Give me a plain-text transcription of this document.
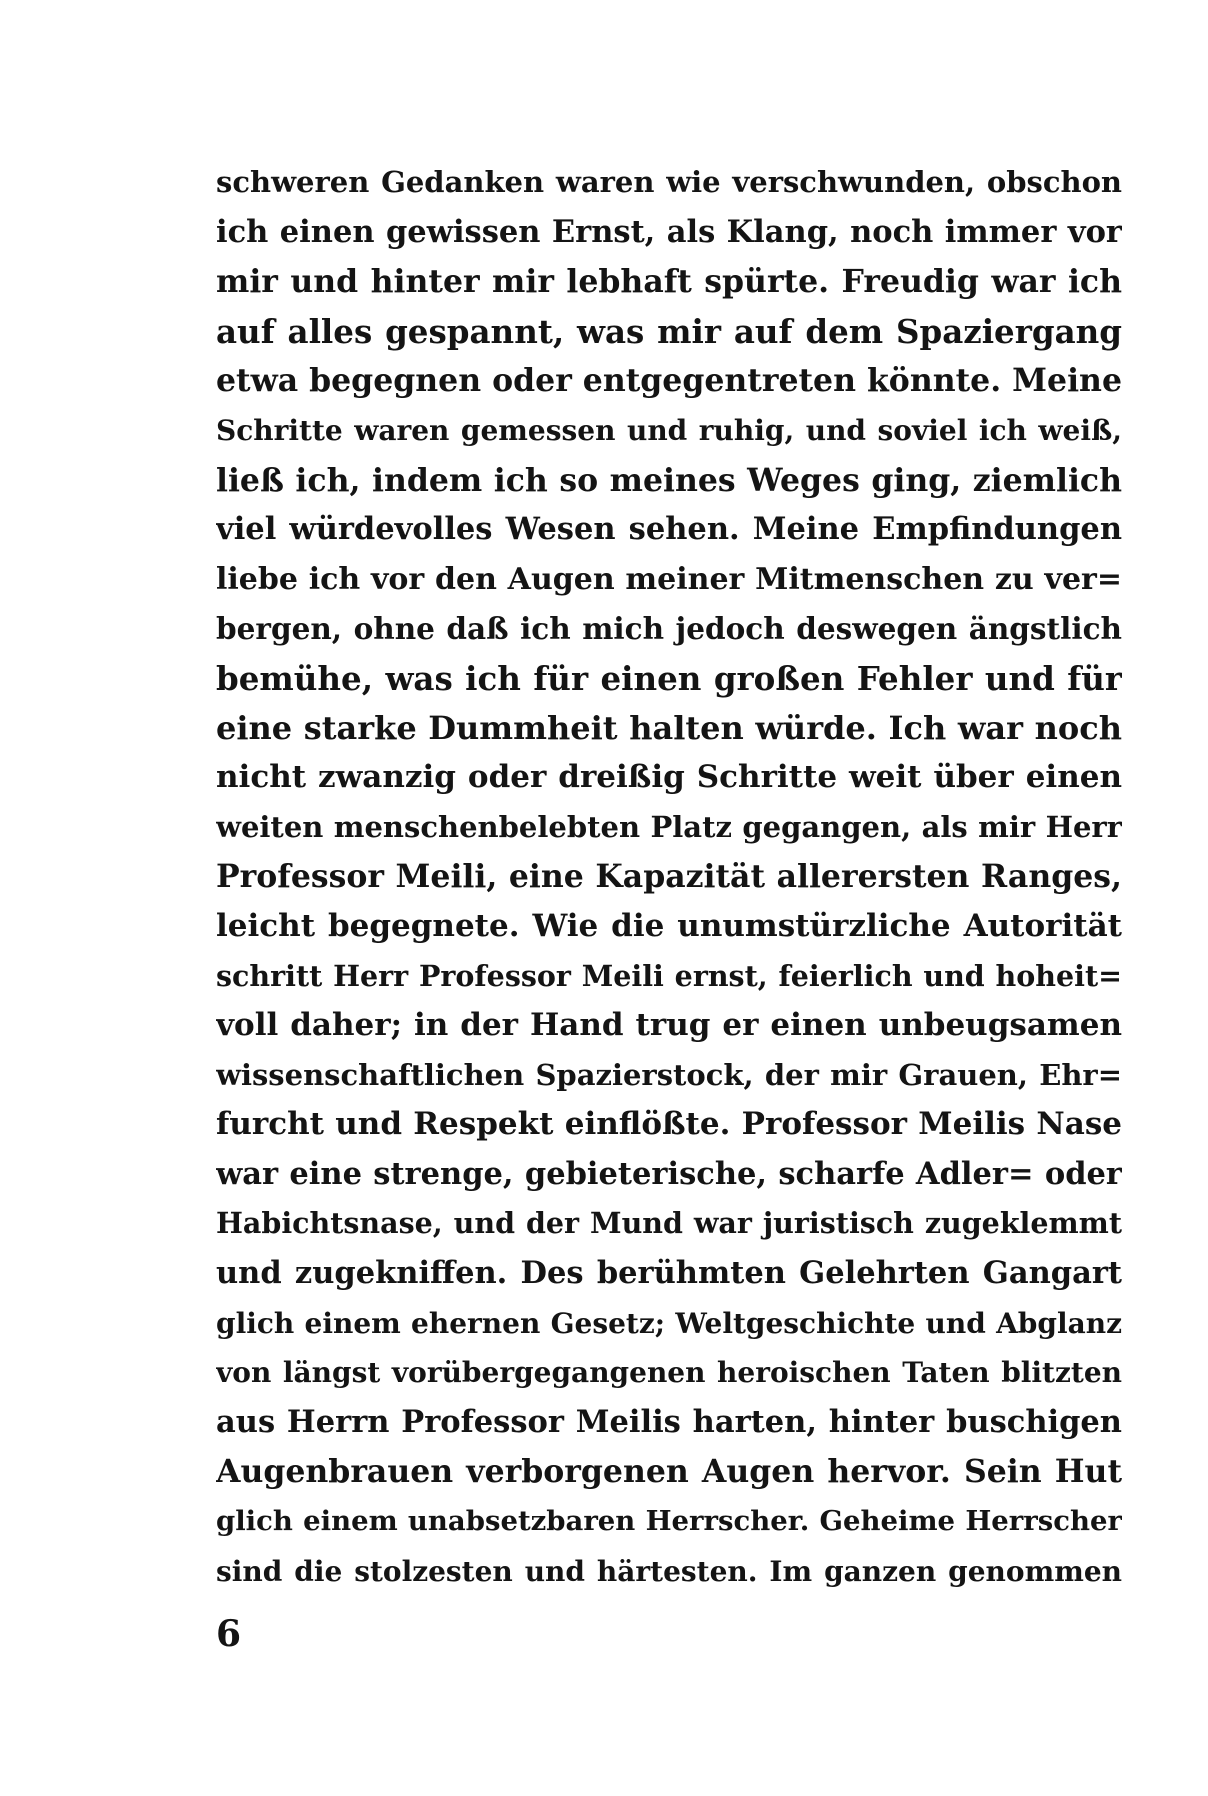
schweren Gedanken waren wie verschwunden, obschon
ich einen gewissen Ernst, als Klang, noch immer vor
mir und hinter mir lebhaft spürte. Freudig war ich
auf alles gespannt, was mir auf dem Spaziergang
etwa begegnen oder entgegentreten könnte. Meine
Schritte waren gemessen und ruhig, und soviel ich weiß,
ließ ich, indem ich so meines Weges ging, ziemlich
viel würdevolles Wesen sehen. Meine Empfindungen
liebe ich vor den Augen meiner Mitmenschen zu ver=
bergen, ohne daß ich mich jedoch deswegen ängstlich
bemühe, was ich für einen großen Fehler und für
eine starke Dummheit halten würde. Ich war noch
nicht zwanzig oder dreißig Schritte weit über einen
weiten menschenbelebten Platz gegangen, als mir Herr
Professor Meili, eine Kapazität allerersten Ranges,
leicht begegnete. Wie die unumstürzliche Autorität
schritt Herr Professor Meili ernst, feierlich und hoheit=
voll daher; in der Hand trug er einen unbeugsamen
wissenschaftlichen Spazierstock, der mir Grauen, Ehr=
furcht und Respekt einflößte. Professor Meilis Nase
war eine strenge, gebieterische, scharfe Adler= oder
Habichtsnase, und der Mund war juristisch zugeklemmt
und zugekniffen. Des berühmten Gelehrten Gangart
glich einem ehernen Gesetz; Weltgeschichte und Abglanz
von längst vorübergegangenen heroischen Taten blitzten
aus Herrn Professor Meilis harten, hinter buschigen
Augenbrauen verborgenen Augen hervor. Sein Hut
glich einem unabsetzbaren Herrscher. Geheime Herrscher
sind die stolzesten und härtesten. Im ganzen genommen
6
